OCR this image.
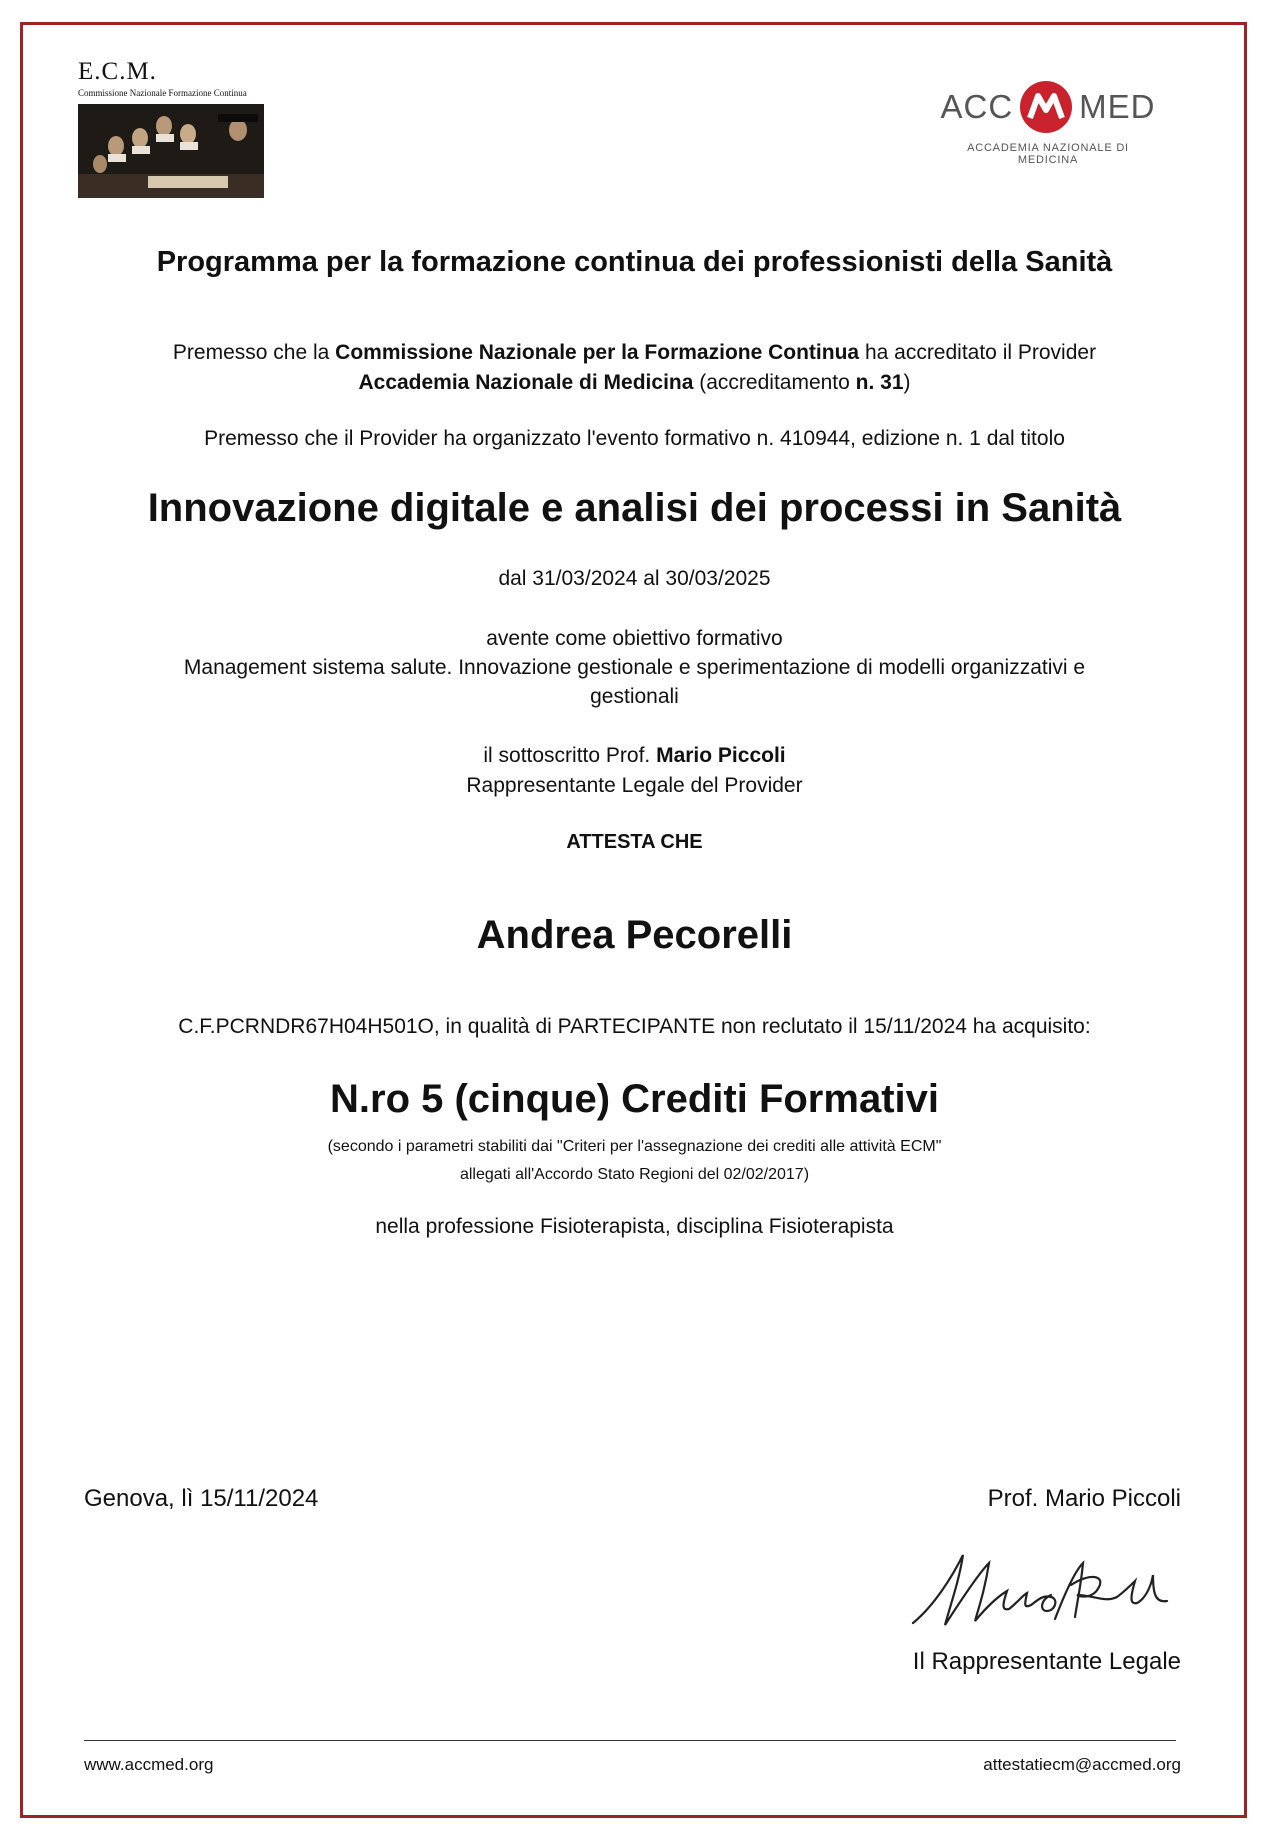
E.C.M.
Commissione Nazionale Formazione Continua	ACC MED
ACCADEMIA NAZIONALE DI MEDICINA
Programma per la formazione continua dei professionisti della Sanità
Premesso che la Commissione Nazionale per la Formazione Continua ha accreditato il Provider
Accademia Nazionale di Medicina (accreditamento n. 31)
Premesso che il Provider ha organizzato l'evento formativo n. 410944, edizione n. 1 dal titolo
Innovazione digitale e analisi dei processi in Sanità
dal 31/03/2024 al 30/03/2025
avente come obiettivo formativo
Management sistema salute. Innovazione gestionale e sperimentazione di modelli organizzativi e
gestionali
il sottoscritto Prof. Mario Piccoli
Rappresentante Legale del Provider
ATTESTA CHE
Andrea Pecorelli
C.F.PCRNDR67H04H501O, in qualità di PARTECIPANTE non reclutato il 15/11/2024 ha acquisito:
N.ro 5 (cinque) Crediti Formativi
(secondo i parametri stabiliti dai "Criteri per l'assegnazione dei crediti alle attività ECM"
allegati all'Accordo Stato Regioni del 02/02/2017)
nella professione Fisioterapista, disciplina Fisioterapista
Genova, lì 15/11/2024	Prof. Mario Piccoli
Il Rappresentante Legale
www.accmed.org	attestatiecm@accmed.org
